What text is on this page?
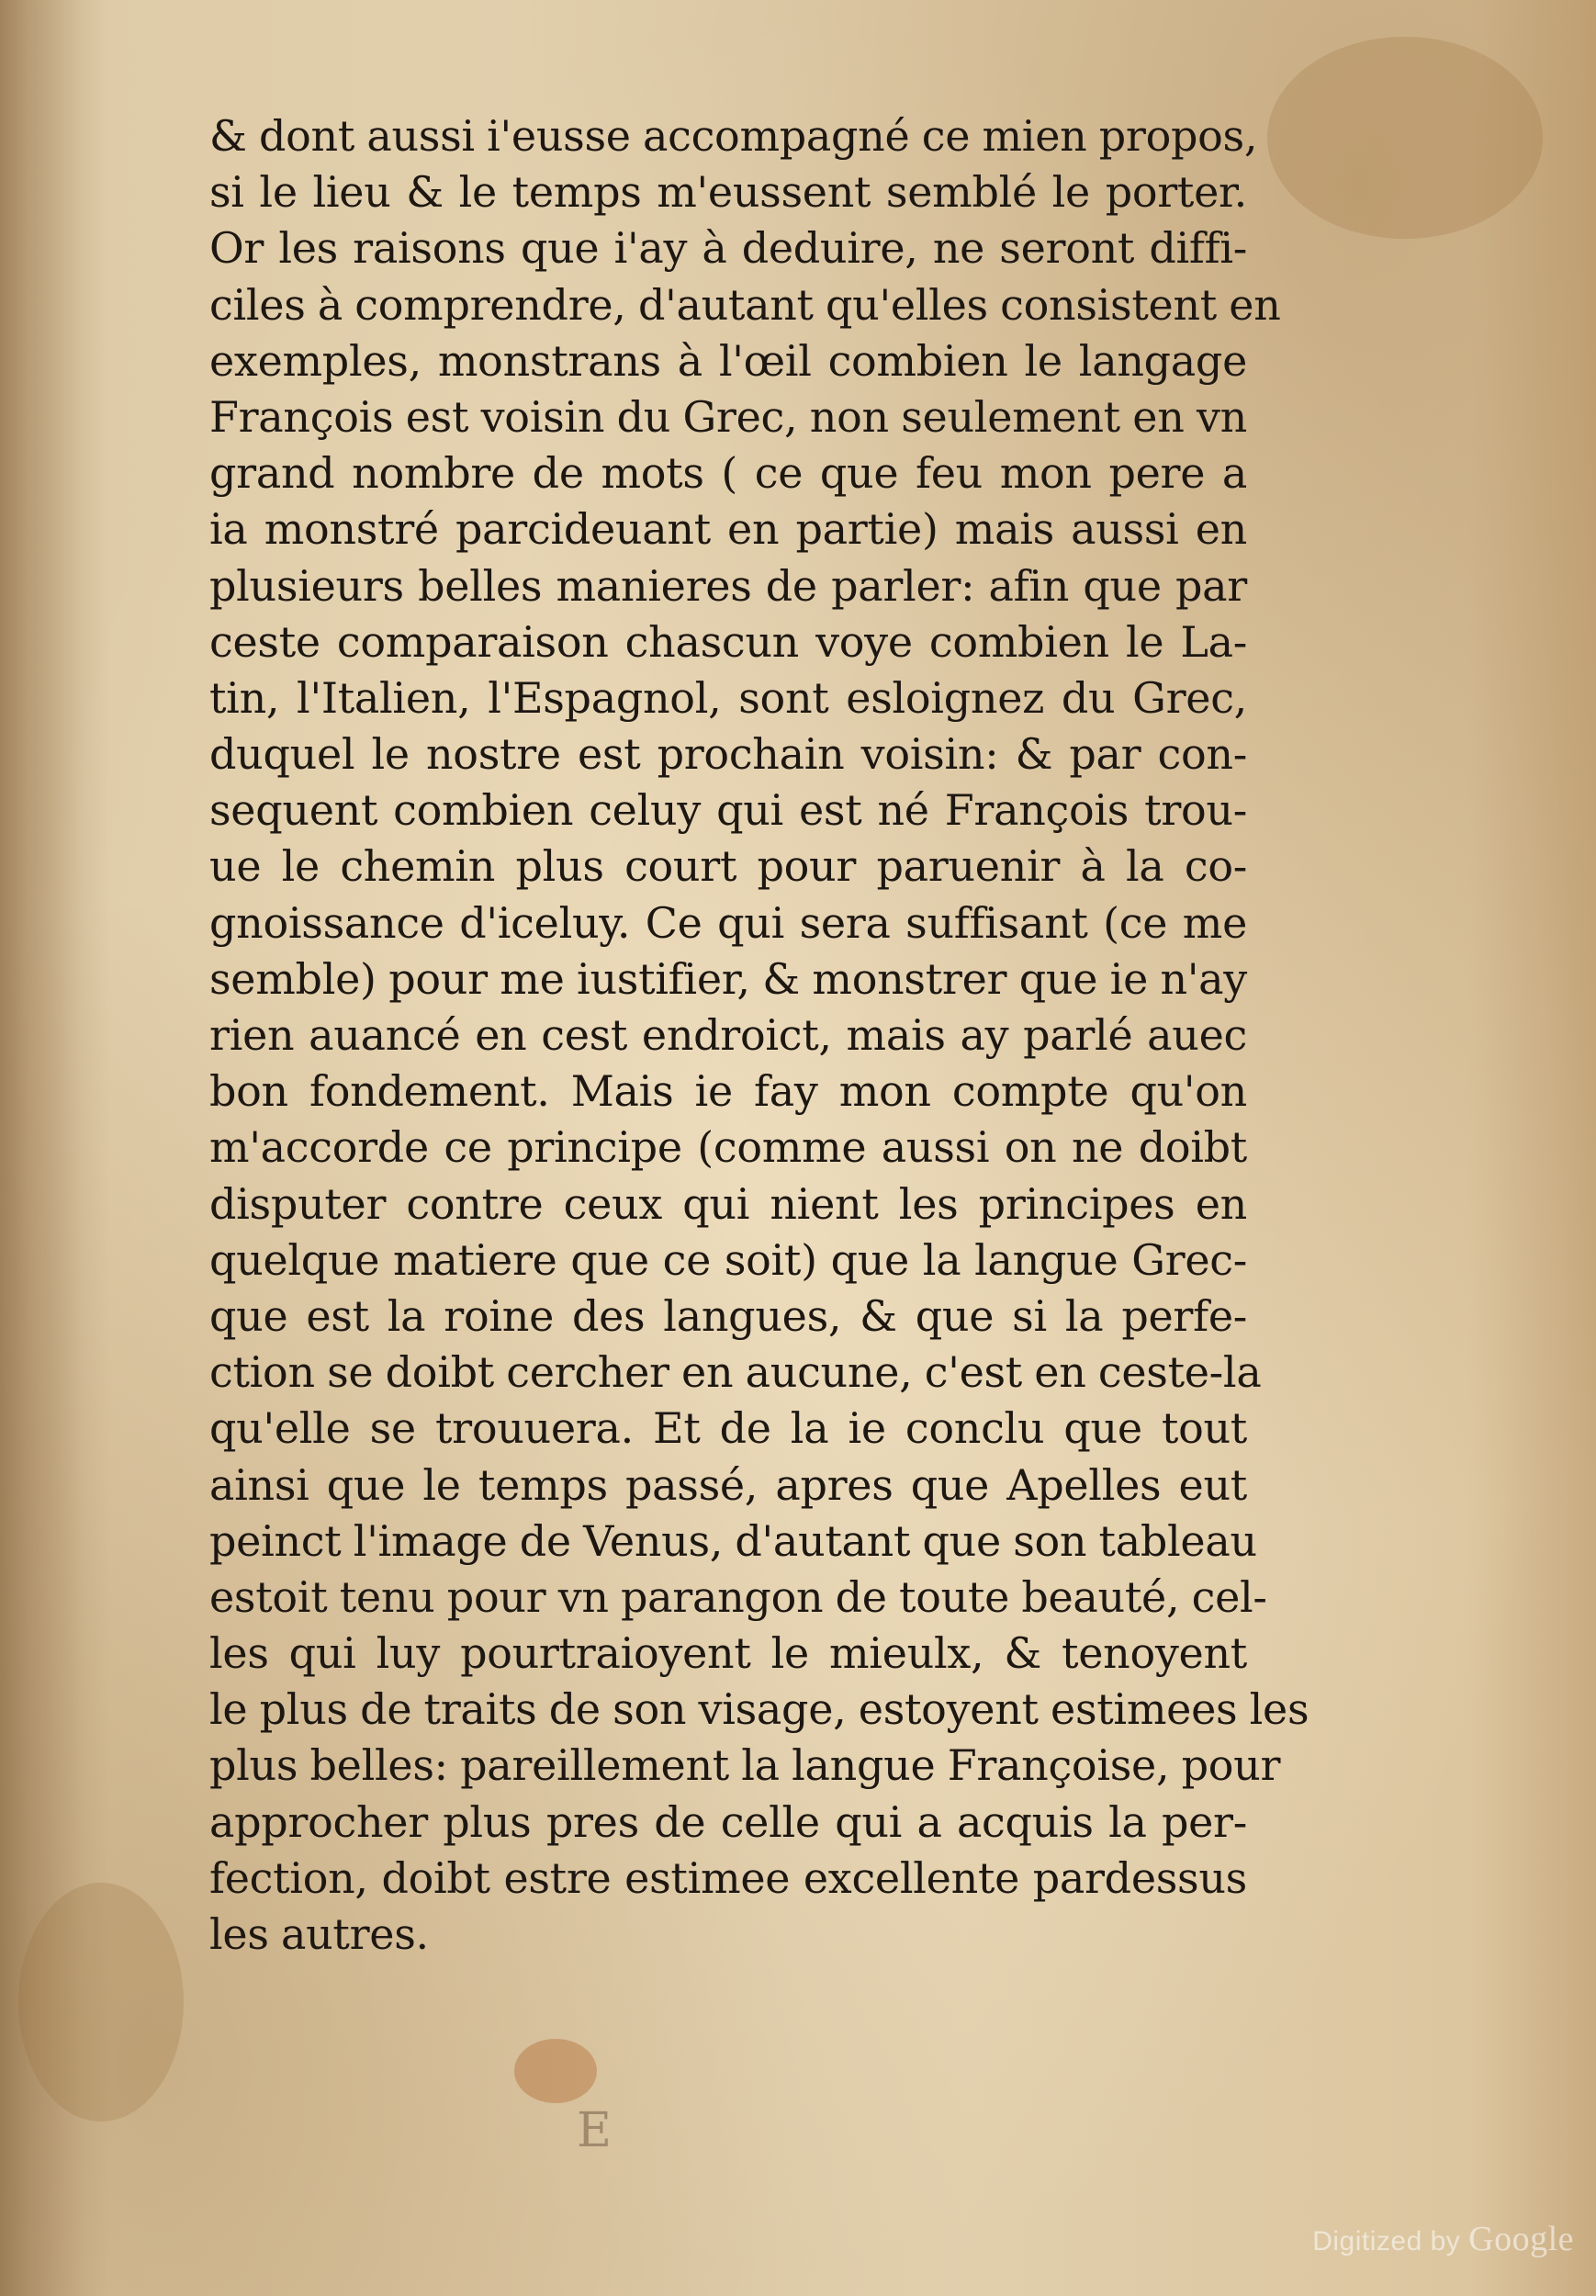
& dont aussi i'eusse accompagné ce mien propos,
si le lieu & le temps m'eussent semblé le porter.
Or les raisons que i'ay à deduire, ne seront diffi-
ciles à comprendre, d'autant qu'elles consistent en
exemples, monstrans à l'œil combien le langage
François est voisin du Grec, non seulement en vn
grand nombre de mots ( ce que feu mon pere a
ia monstré parcideuant en partie) mais aussi en
plusieurs belles manieres de parler: afin que par
ceste comparaison chascun voye combien le La-
tin, l'Italien, l'Espagnol, sont esloignez du Grec,
duquel le nostre est prochain voisin: & par con-
sequent combien celuy qui est né François trou-
ue le chemin plus court pour paruenir à la co-
gnoissance d'iceluy. Ce qui sera suffisant (ce me
semble) pour me iustifier, & monstrer que ie n'ay
rien auancé en cest endroict, mais ay parlé auec
bon fondement. Mais ie fay mon compte qu'on
m'accorde ce principe (comme aussi on ne doibt
disputer contre ceux qui nient les principes en
quelque matiere que ce soit) que la langue Grec-
que est la roine des langues, & que si la perfe-
ction se doibt cercher en aucune, c'est en ceste-la
qu'elle se trouuera. Et de la ie conclu que tout
ainsi que le temps passé, apres que Apelles eut
peinct l'image de Venus, d'autant que son tableau
estoit tenu pour vn parangon de toute beauté, cel-
les qui luy pourtraioyent le mieulx, & tenoyent
le plus de traits de son visage, estoyent estimees les
plus belles: pareillement la langue Françoise, pour
approcher plus pres de celle qui a acquis la per-
fection, doibt estre estimee excellente pardessus
les autres.
E
Digitized by Google
